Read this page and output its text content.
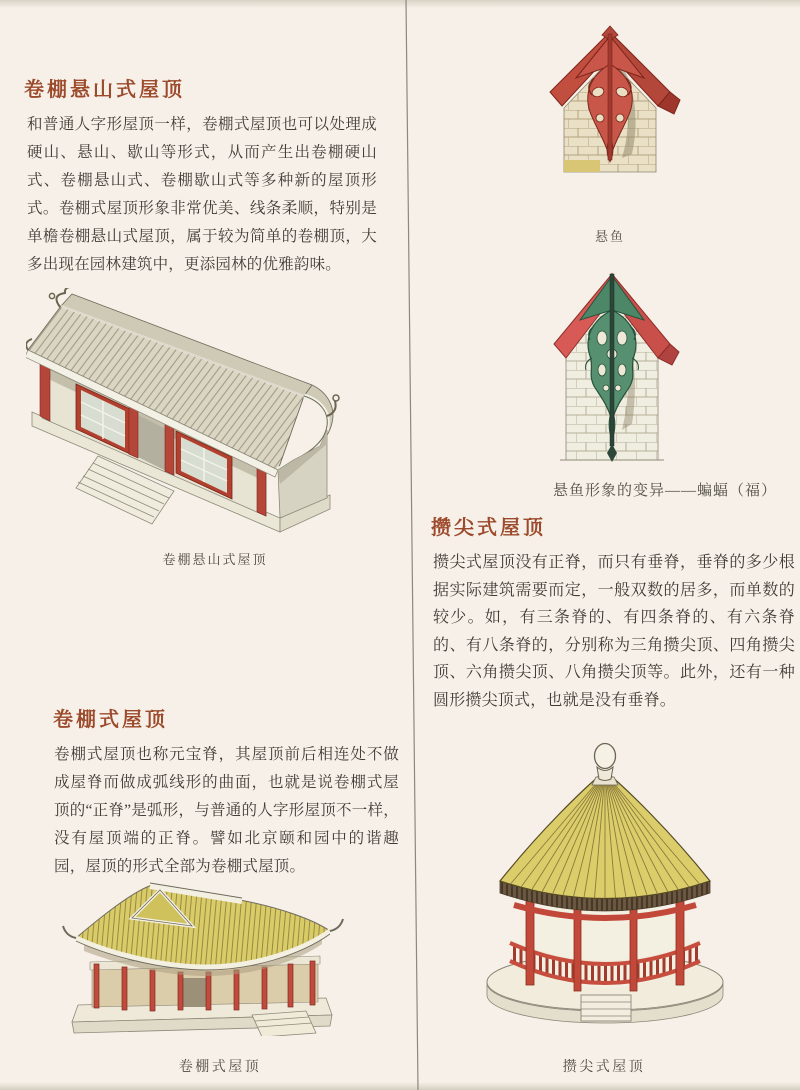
卷棚悬山式屋顶

和普通人字形屋顶一样，卷棚式屋顶也可以处理成硬山、悬山、歇山等形式，从而产生出卷棚硬山式、卷棚悬山式、卷棚歇山式等多种新的屋顶形式。卷棚式屋顶形象非常优美、线条柔顺，特别是单檐卷棚悬山式屋顶，属于较为简单的卷棚顶，大多出现在园林建筑中，更添园林的优雅韵味。

卷棚悬山式屋顶

卷棚式屋顶

卷棚式屋顶也称元宝脊，其屋顶前后相连处不做成屋脊而做成弧线形的曲面，也就是说卷棚式屋顶的“正脊”是弧形，与普通的人字形屋顶不一样，没有屋顶端的正脊。譬如北京颐和园中的谐趣园，屋顶的形式全部为卷棚式屋顶。

卷棚式屋顶

悬鱼

悬鱼形象的变异——蝙蝠（福）

攒尖式屋顶

攒尖式屋顶没有正脊，而只有垂脊，垂脊的多少根据实际建筑需要而定，一般双数的居多，而单数的较少。如，有三条脊的、有四条脊的、有六条脊的、有八条脊的，分别称为三角攒尖顶、四角攒尖顶、六角攒尖顶、八角攒尖顶等。此外，还有一种圆形攒尖顶式，也就是没有垂脊。

攒尖式屋顶
